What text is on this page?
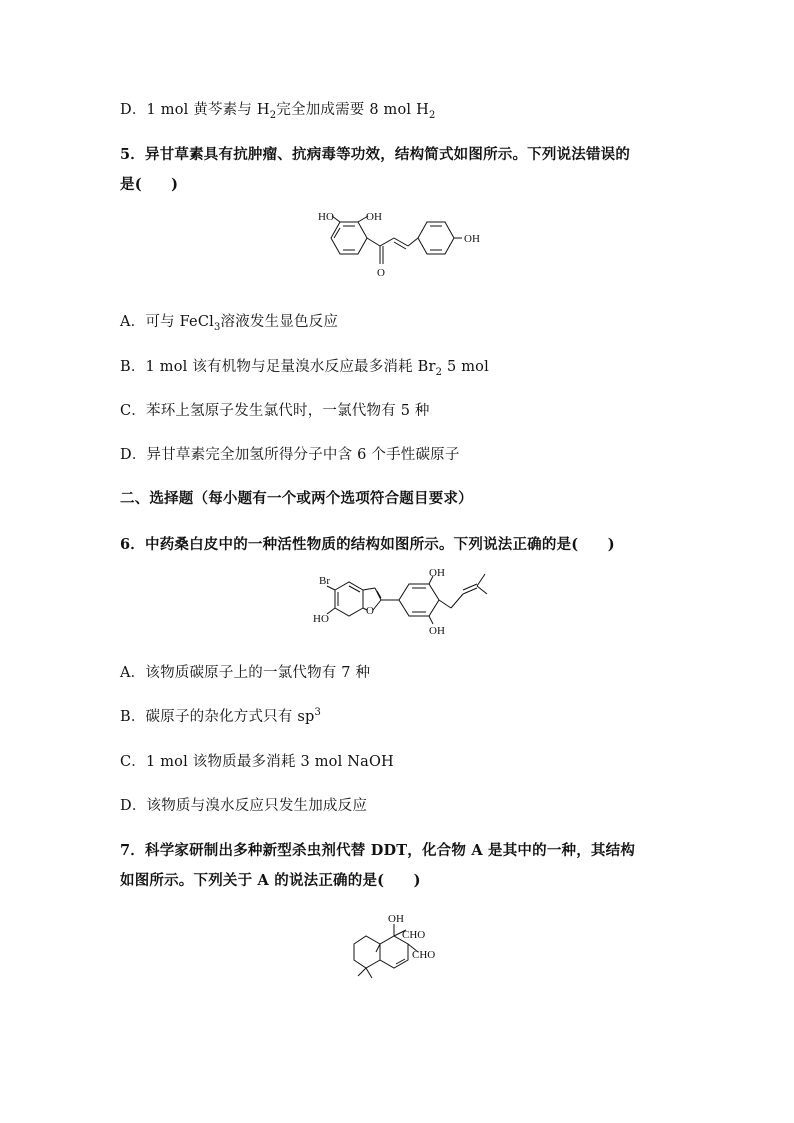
D．1 mol 黄芩素与 $H_2$完全加成需要 8 mol $H_2$
5．异甘草素具有抗肿瘤、抗病毒等功效，结构简式如图所示。下列说法错误的
是(　　)
HO	OH
OH
O
A．可与 FeCl$_3$溶液发生显色反应
B．1 mol 该有机物与足量溴水反应最多消耗 $Br_2$ 5 mol
C．苯环上氢原子发生氯代时，一氯代物有 5 种
D．异甘草素完全加氢所得分子中含 6 个手性碳原子
二、选择题（每小题有一个或两个选项符合题目要求）
6．中药桑白皮中的一种活性物质的结构如图所示。下列说法正确的是(　　)
Br
HO
O
OH
OH
A．该物质碳原子上的一氯代物有 7 种
B．碳原子的杂化方式只有 $sp^3$
C．1 mol 该物质最多消耗 3 mol NaOH
D．该物质与溴水反应只发生加成反应
7．科学家研制出多种新型杀虫剂代替 DDT，化合物 A 是其中的一种，其结构
如图所示。下列关于 A 的说法正确的是(　　)
OH
CHO
CHO
